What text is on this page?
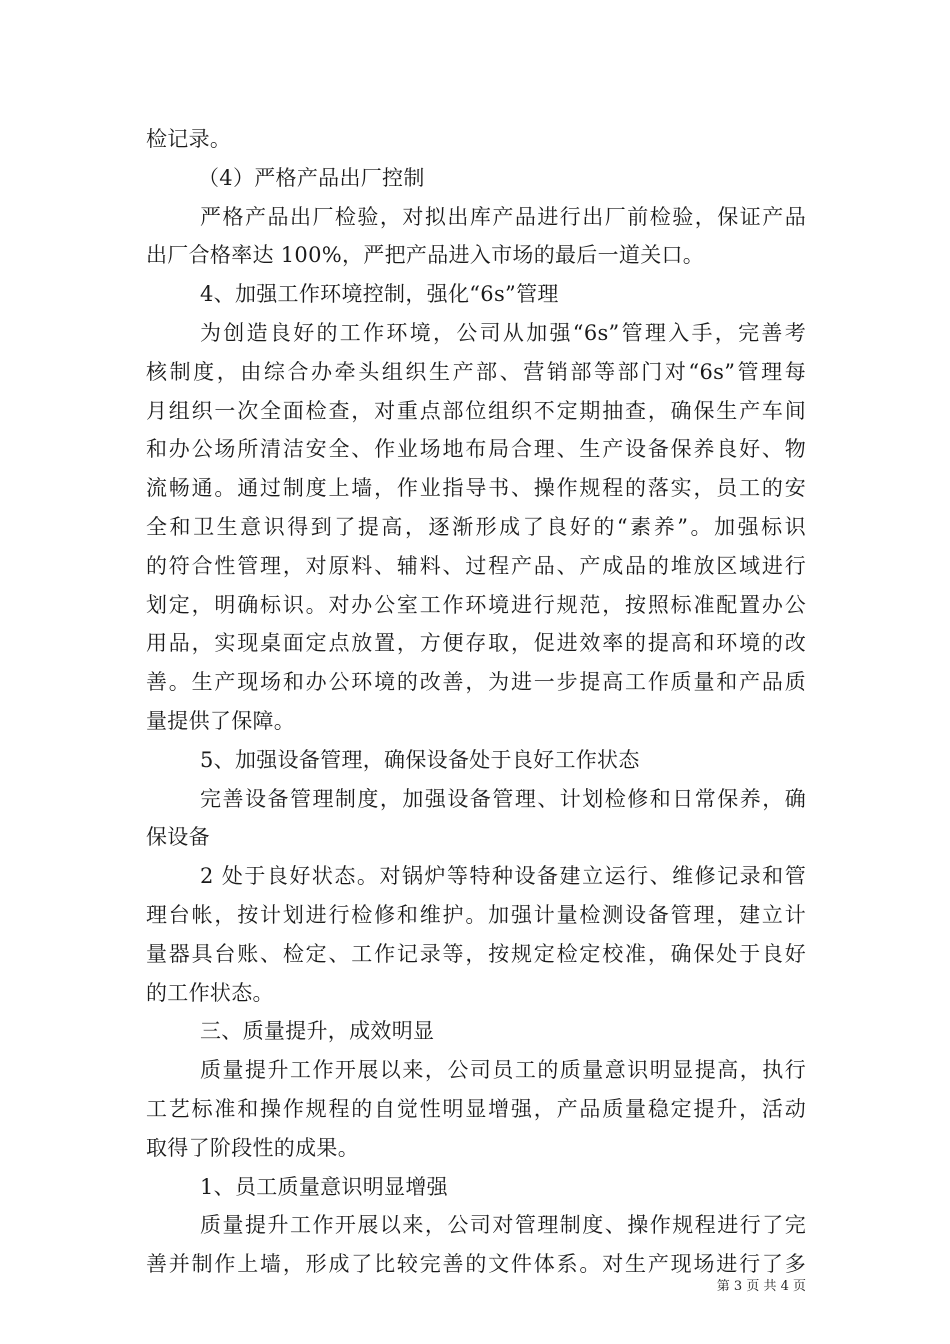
检记录。
（4）严格产品出厂控制
严格产品出厂检验，对拟出库产品进行出厂前检验，保证产品
出厂合格率达 100%，严把产品进入市场的最后一道关口。
4、加强工作环境控制，强化“6s”管理
为创造良好的工作环境，公司从加强“6s”管理入手，完善考
核制度，由综合办牵头组织生产部、营销部等部门对“6s”管理每
月组织一次全面检查，对重点部位组织不定期抽查，确保生产车间
和办公场所清洁安全、作业场地布局合理、生产设备保养良好、物
流畅通。通过制度上墙，作业指导书、操作规程的落实，员工的安
全和卫生意识得到了提高，逐渐形成了良好的“素养”。加强标识
的符合性管理，对原料、辅料、过程产品、产成品的堆放区域进行
划定，明确标识。对办公室工作环境进行规范，按照标准配置办公
用品，实现桌面定点放置，方便存取，促进效率的提高和环境的改
善。生产现场和办公环境的改善，为进一步提高工作质量和产品质
量提供了保障。
5、加强设备管理，确保设备处于良好工作状态
完善设备管理制度，加强设备管理、计划检修和日常保养，确
保设备
2 处于良好状态。对锅炉等特种设备建立运行、维修记录和管
理台帐，按计划进行检修和维护。加强计量检测设备管理，建立计
量器具台账、检定、工作记录等，按规定检定校准，确保处于良好
的工作状态。
三、质量提升，成效明显
质量提升工作开展以来，公司员工的质量意识明显提高，执行
工艺标准和操作规程的自觉性明显增强，产品质量稳定提升，活动
取得了阶段性的成果。
1、员工质量意识明显增强
质量提升工作开展以来，公司对管理制度、操作规程进行了完
善并制作上墙，形成了比较完善的文件体系。对生产现场进行了多
第 3 页 共 4 页
